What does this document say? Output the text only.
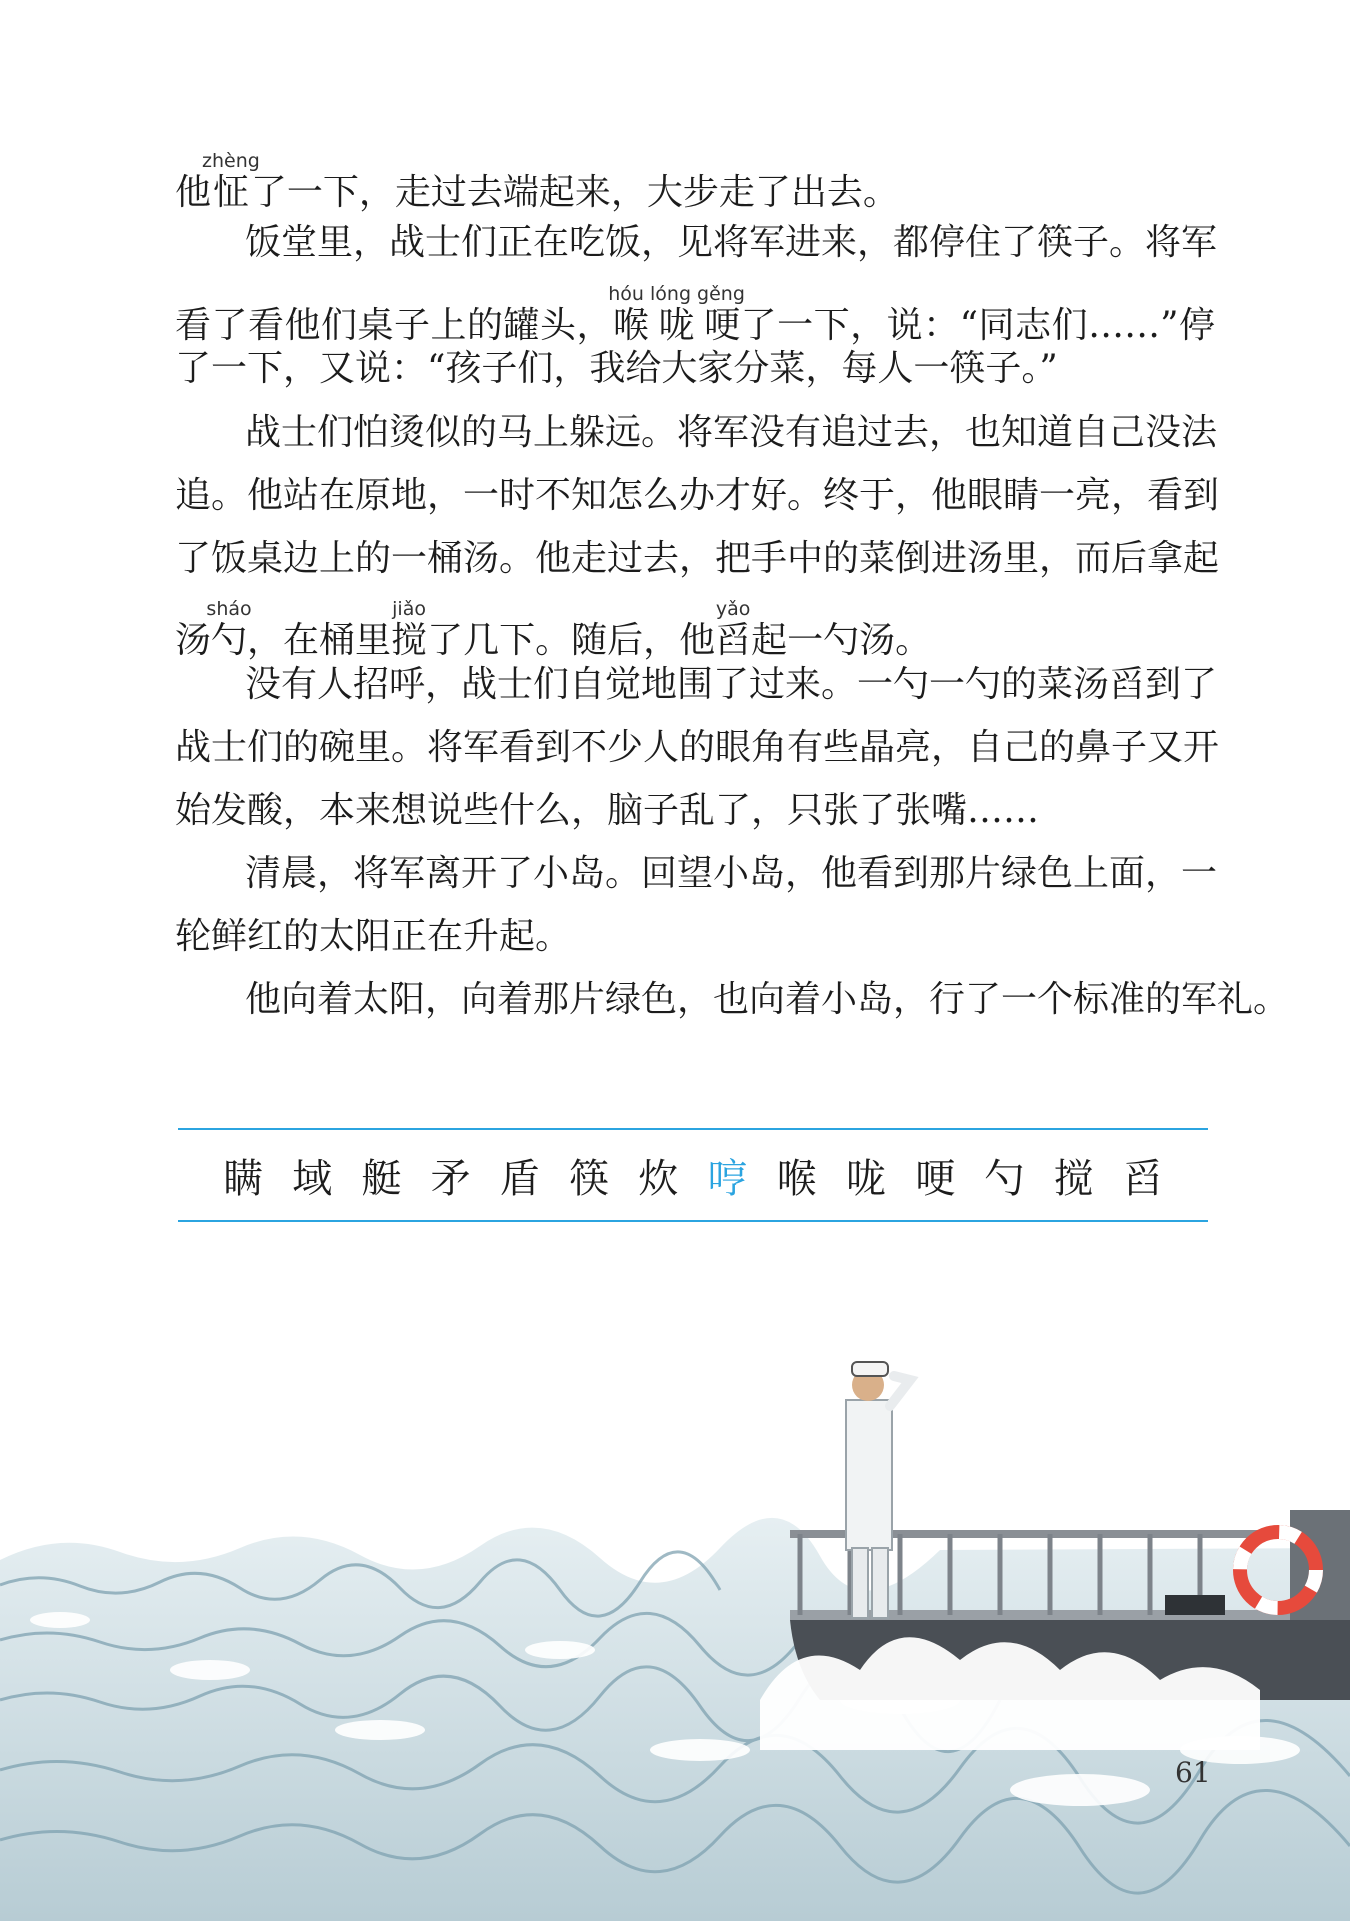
他怔zhèng了一下，走过去端起来，大步走了出去。
饭堂里，战士们正在吃饭，见将军进来，都停住了筷子。将军
看了看他们桌子上的罐头，喉咙哽hóu lóng gěng了一下，说：“同志们……”停
了一下，又说：“孩子们，我给大家分菜，每人一筷子。”
战士们怕烫似的马上躲远。将军没有追过去，也知道自己没法
追。他站在原地，一时不知怎么办才好。终于，他眼睛一亮，看到
了饭桌边上的一桶汤。他走过去，把手中的菜倒进汤里，而后拿起
汤勺sháo，在桶里搅jiǎo了几下。随后，他舀yǎo起一勺汤。
没有人招呼，战士们自觉地围了过来。一勺一勺的菜汤舀到了
战士们的碗里。将军看到不少人的眼角有些晶亮，自己的鼻子又开
始发酸，本来想说些什么，脑子乱了，只张了张嘴……
清晨，将军离开了小岛。回望小岛，他看到那片绿色上面，一
轮鲜红的太阳正在升起。
他向着太阳，向着那片绿色，也向着小岛，行了一个标准的军礼。
瞒 域 艇 矛 盾 筷 炊 哼 喉 咙 哽 勺 搅 舀
61
